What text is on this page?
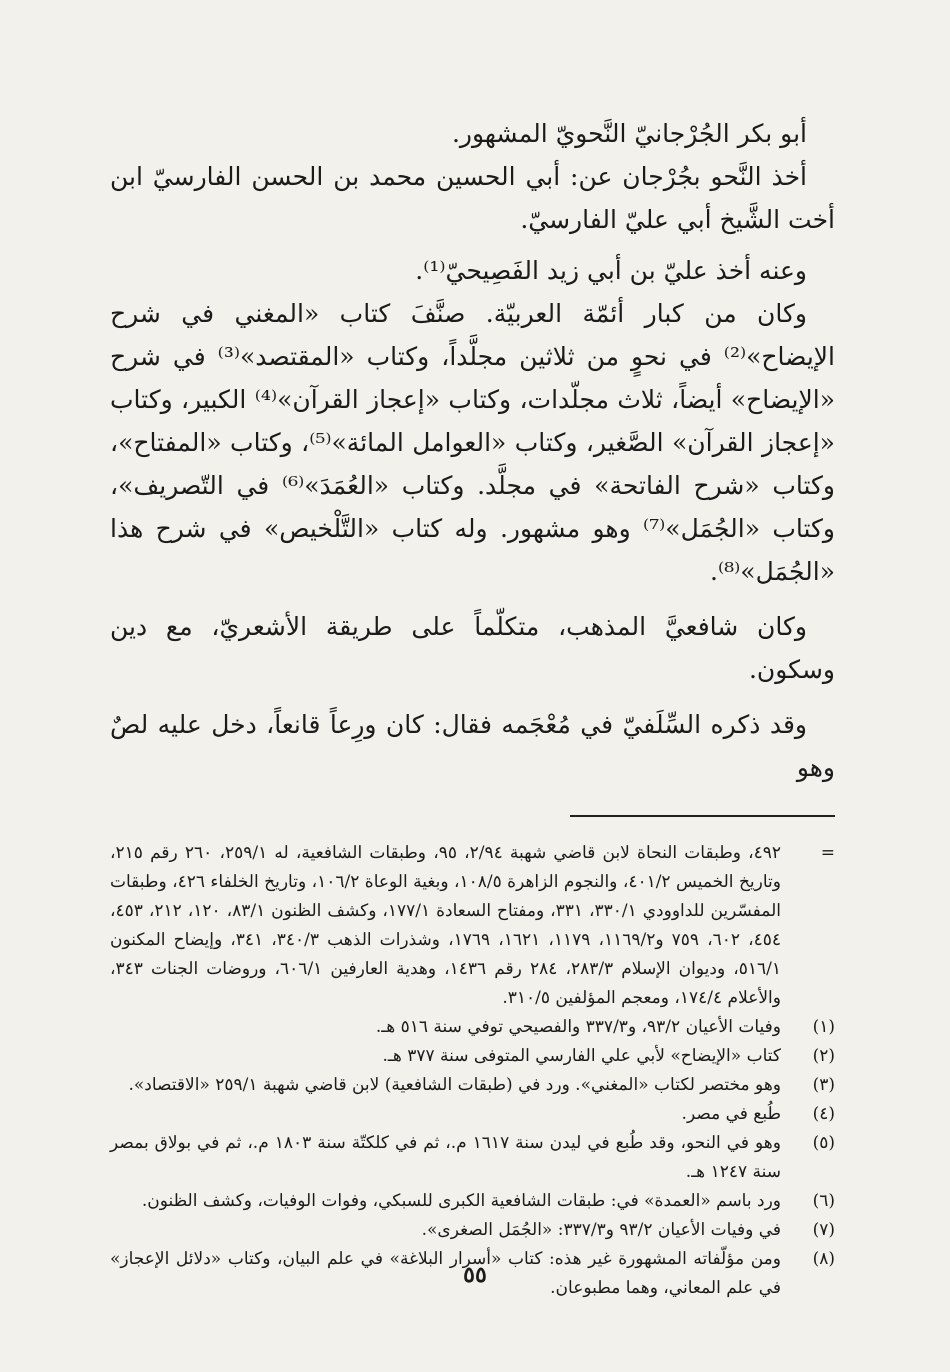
أبو بكر الجُرْجانيّ النَّحويّ المشهور.

أخذ النَّحو بجُرْجان عن: أبي الحسين محمد بن الحسن الفارسيّ ابن أخت الشَّيخ أبي عليّ الفارسيّ.

وعنه أخذ عليّ بن أبي زيد الفَصِيحيّ⁽¹⁾.

وكان من كبار أئمّة العربيّة. صنَّفَ كتاب «المغني في شرح الإيضاح»⁽²⁾ في نحوٍ من ثلاثين مجلَّداً، وكتاب «المقتصد»⁽³⁾ في شرح «الإيضاح» أيضاً، ثلاث مجلّدات، وكتاب «إعجاز القرآن»⁽⁴⁾ الكبير، وكتاب «إعجاز القرآن» الصَّغير، وكتاب «العوامل المائة»⁽⁵⁾، وكتاب «المفتاح»، وكتاب «شرح الفاتحة» في مجلَّد. وكتاب «العُمَدَ»⁽⁶⁾ في التّصريف»، وكتاب «الجُمَل»⁽⁷⁾ وهو مشهور. وله كتاب «التَّلْخيص» في شرح هذا «الجُمَل»⁽⁸⁾.

وكان شافعيَّ المذهب، متكلّماً على طريقة الأشعريّ، مع دين وسكون.

وقد ذكره السِّلَفيّ في مُعْجَمه فقال: كان ورِعاً قانعاً، دخل عليه لصٌ وهو

=
٤٩٢، وطبقات النحاة لابن قاضي شهبة ٢/٩٤، ٩٥، وطبقات الشافعية، له ٢٥٩/١، ٢٦٠ رقم ٢١٥، وتاريخ الخميس ٤٠١/٢، والنجوم الزاهرة ١٠٨/٥، وبغية الوعاة ١٠٦/٢، وتاريخ الخلفاء ٤٢٦، وطبقات المفسّرين للداوودي ٣٣٠/١، ٣٣١، ومفتاح السعادة ١٧٧/١، وكشف الظنون ٨٣/١، ١٢٠، ٢١٢، ٤٥٣، ٤٥٤، ٦٠٢، ٧٥٩ و١١٦٩/٢، ١١٧٩، ١٦٢١، ١٧٦٩، وشذرات الذهب ٣٤٠/٣، ٣٤١، وإيضاح المكنون ٥١٦/١، وديوان الإسلام ٢٨٣/٣، ٢٨٤ رقم ١٤٣٦، وهدية العارفين ٦٠٦/١، وروضات الجنات ٣٤٣، والأعلام ١٧٤/٤، ومعجم المؤلفين ٣١٠/٥.
(١)
وفيات الأعيان ٩٣/٢، و٣٣٧/٣ والفصيحي توفي سنة ٥١٦ هـ.
(٢)
كتاب «الإيضاح» لأبي علي الفارسي المتوفى سنة ٣٧٧ هـ.
(٣)
وهو مختصر لكتاب «المغني». ورد في (طبقات الشافعية) لابن قاضي شهبة ٢٥٩/١ «الاقتصاد».
(٤)
طُبع في مصر.
(٥)
وهو في النحو، وقد طُبع في ليدن سنة ١٦١٧ م.، ثم في كلكتّة سنة ١٨٠٣ م.، ثم في بولاق بمصر سنة ١٢٤٧ هـ.
(٦)
ورد باسم «العمدة» في: طبقات الشافعية الكبرى للسبكي، وفوات الوفيات، وكشف الظنون.
(٧)
في وفيات الأعيان ٩٣/٢ و٣٣٧/٣: «الجُمَل الصغرى».
(٨)
ومن مؤلّفاته المشهورة غير هذه: كتاب «أسرار البلاغة» في علم البيان، وكتاب «دلائل الإعجاز» في علم المعاني، وهما مطبوعان.
٥٥
